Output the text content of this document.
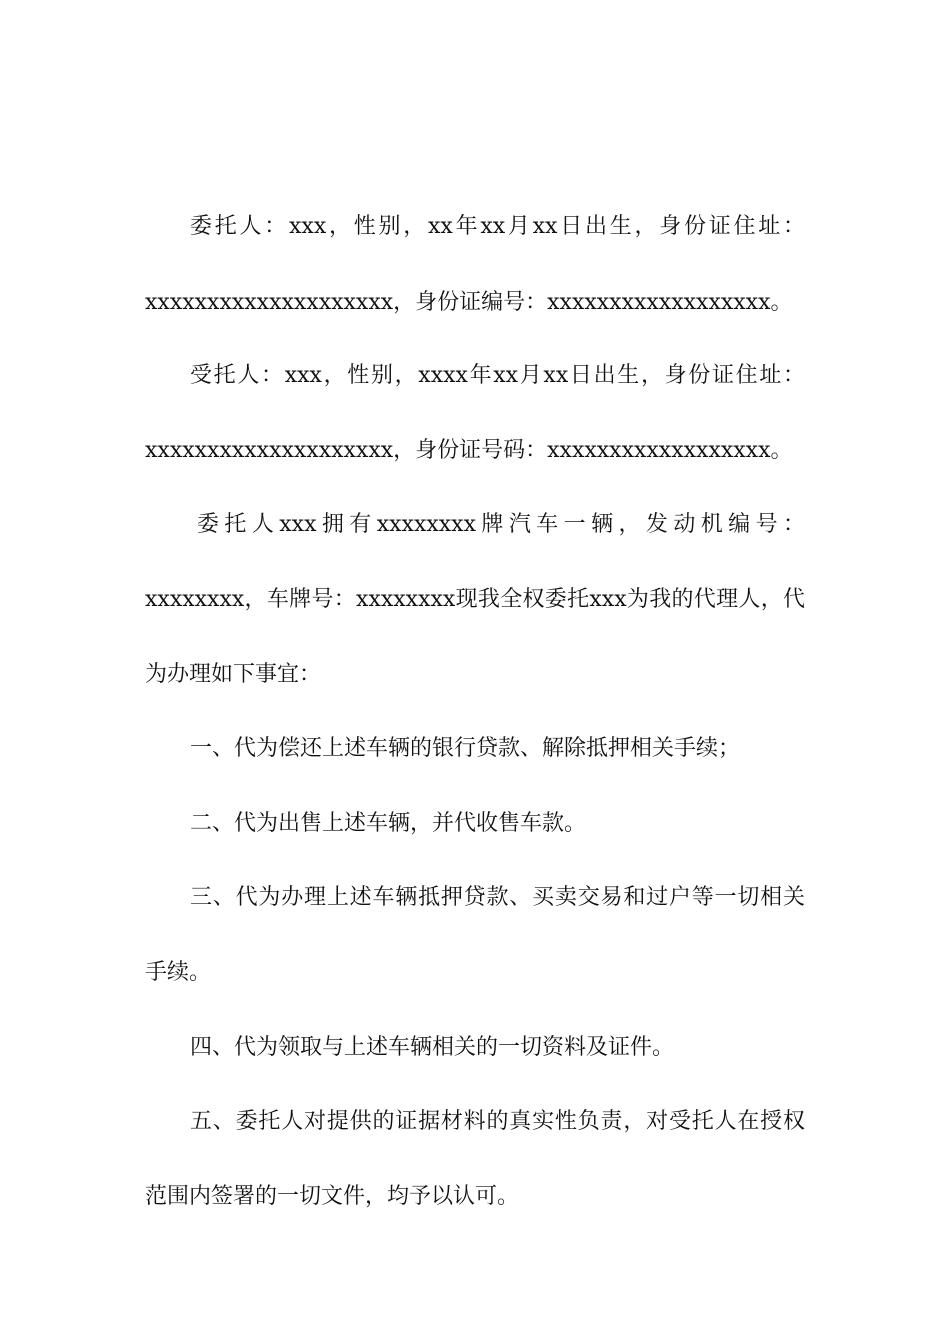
委托人：xxx，性别，xx年xx月xx日出生，身份证住址：
xxxxxxxxxxxxxxxxxxxx，身份证编号：xxxxxxxxxxxxxxxxxx。
受托人：xxx，性别，xxxx年xx月xx日出生，身份证住址：
xxxxxxxxxxxxxxxxxxxx，身份证号码：xxxxxxxxxxxxxxxxxx。
委托人xxx拥有xxxxxxxx牌汽车一辆，发动机编号：
xxxxxxxx，车牌号：xxxxxxxx现我全权委托xxx为我的代理人，代
为办理如下事宜：
一、代为偿还上述车辆的银行贷款、解除抵押相关手续；
二、代为出售上述车辆，并代收售车款。
三、代为办理上述车辆抵押贷款、买卖交易和过户等一切相关
手续。
四、代为领取与上述车辆相关的一切资料及证件。
五、委托人对提供的证据材料的真实性负责，对受托人在授权
范围内签署的一切文件，均予以认可。
